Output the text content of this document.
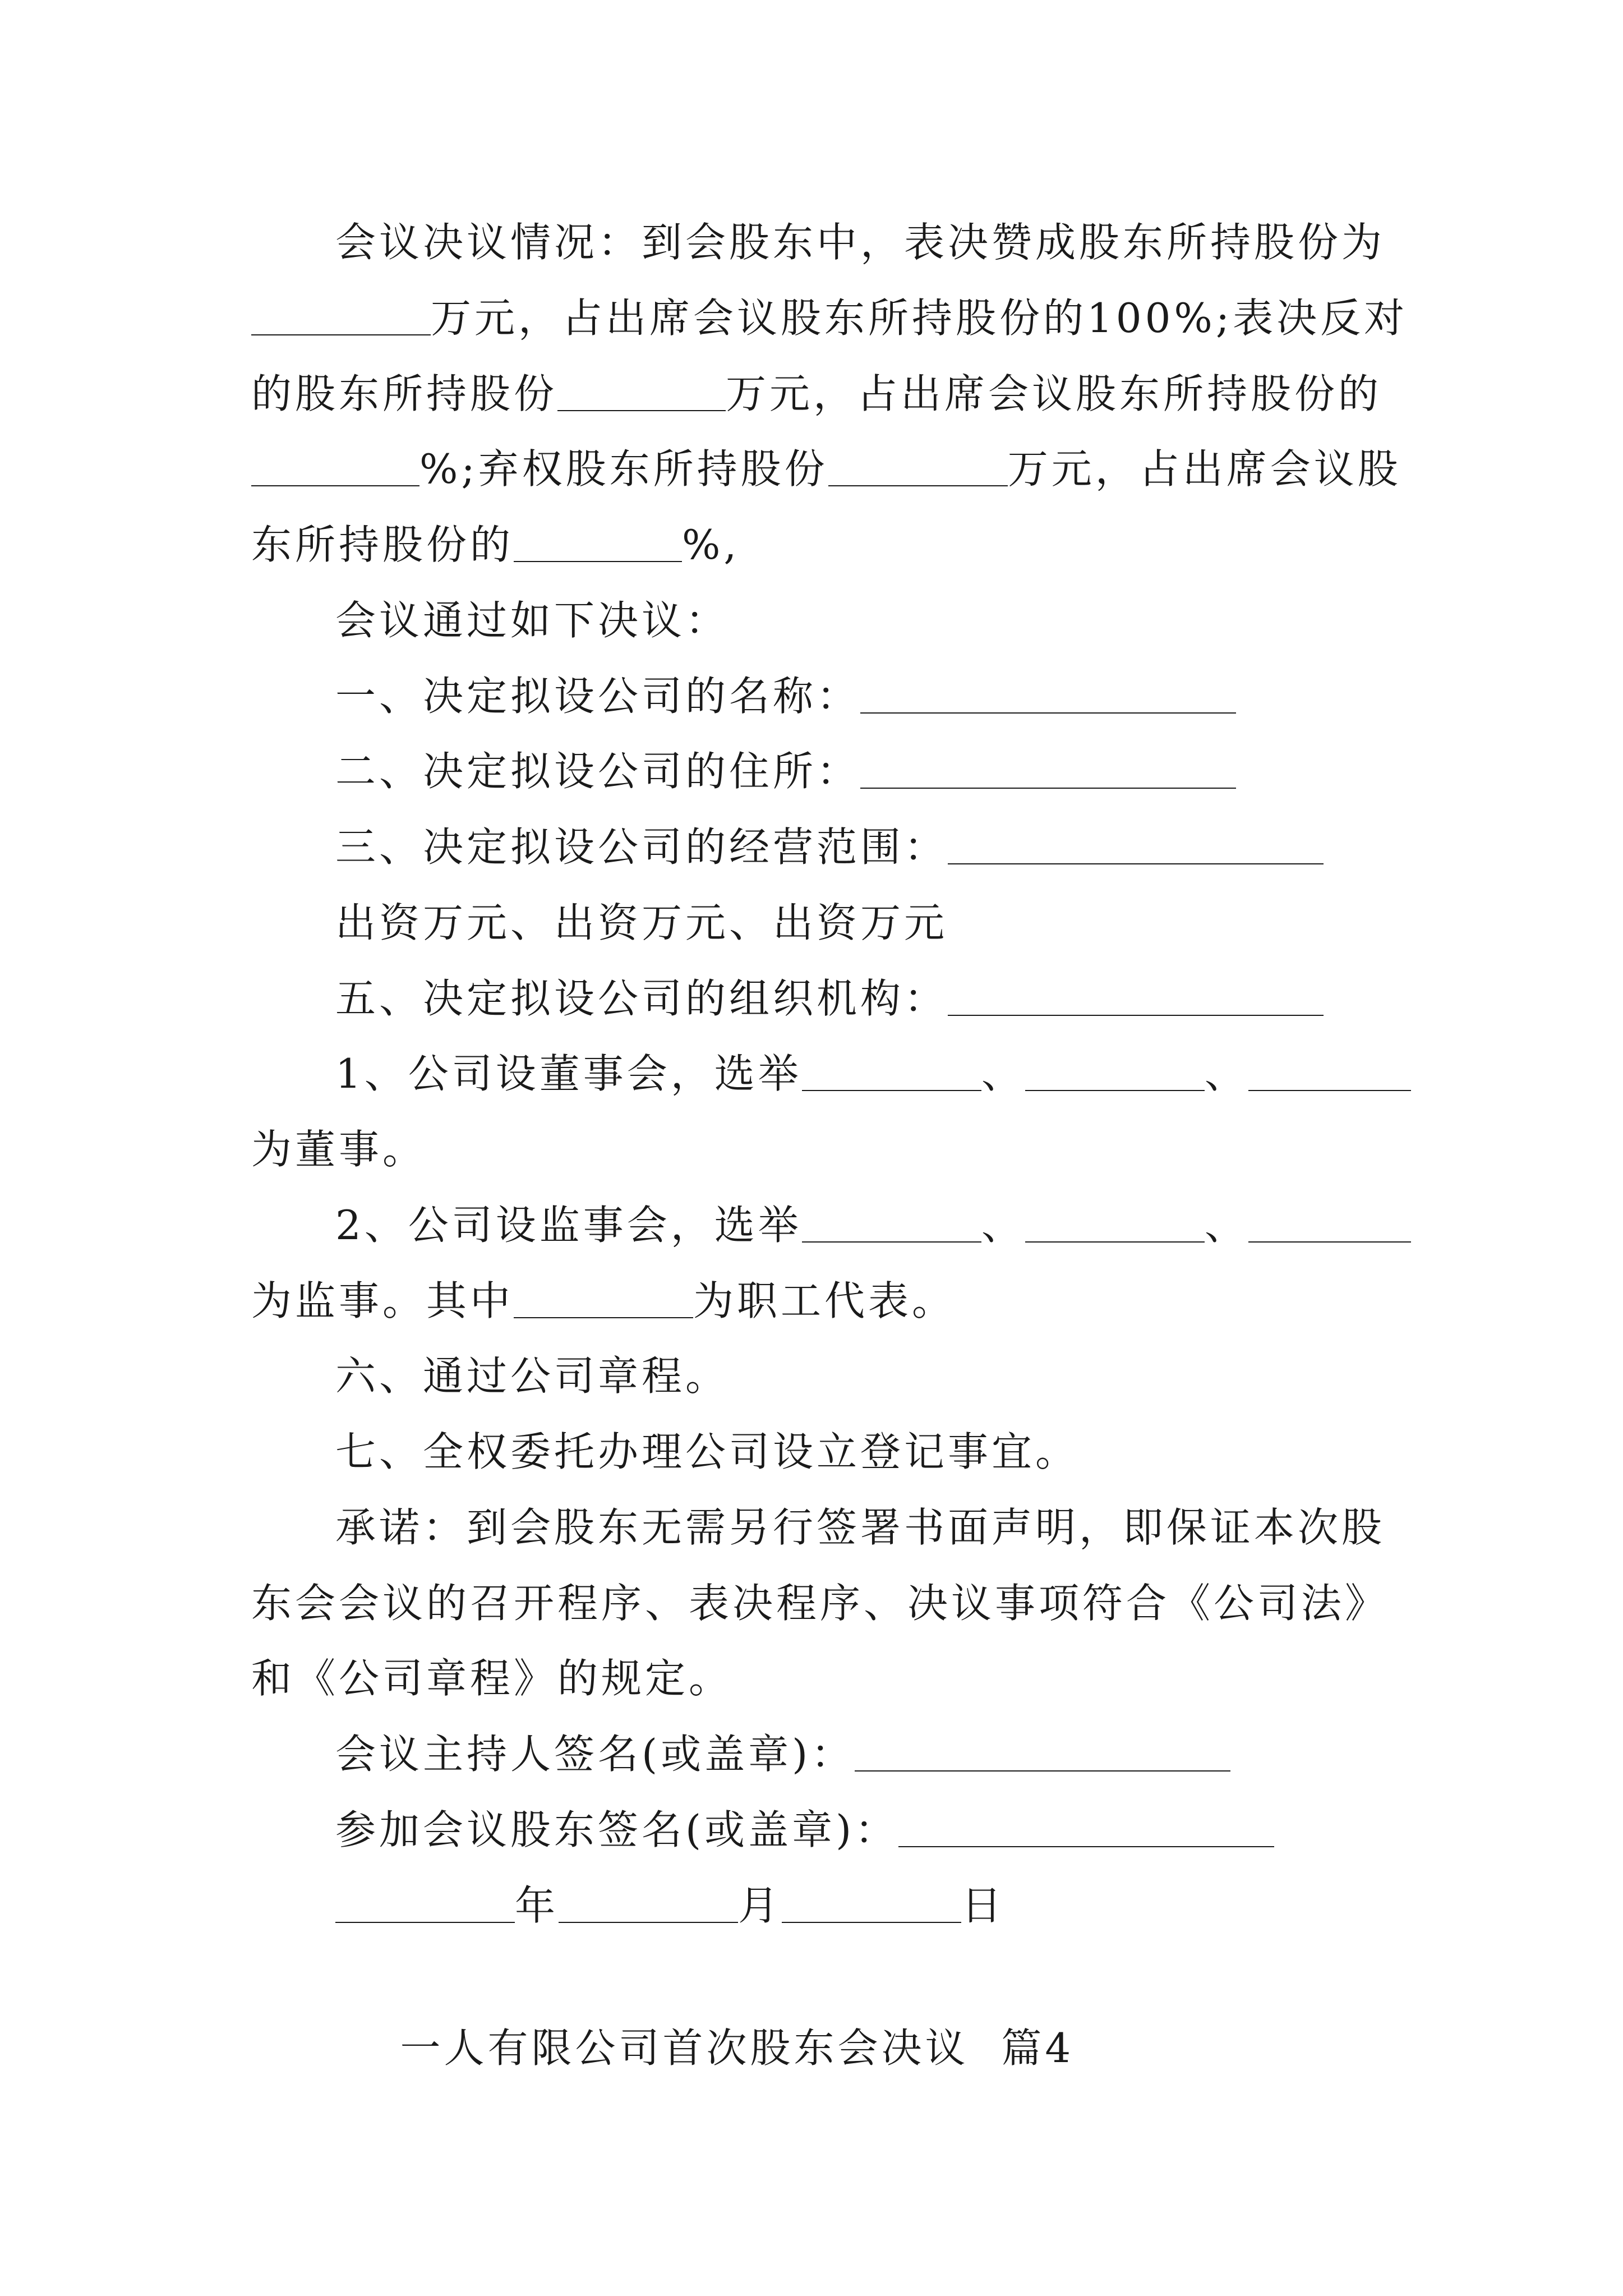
会议决议情况：到会股东中，表决赞成股东所持股份为
万元，占出席会议股东所持股份的100%;表决反对
的股东所持股份	万元，占出席会议股东所持股份的
%;弃权股东所持股份	万元，占出席会议股
东所持股份的	%,
会议通过如下决议：
一、决定拟设公司的名称：
二、决定拟设公司的住所：
三、决定拟设公司的经营范围：
出资万元、出资万元、出资万元
五、决定拟设公司的组织机构：
1、公司设董事会，选举	、	、
为董事。
2、公司设监事会，选举	、	、
为监事。其中	为职工代表。
六、通过公司章程。
七、全权委托办理公司设立登记事宜。
承诺：到会股东无需另行签署书面声明，即保证本次股
东会会议的召开程序、表决程序、决议事项符合《公司法》
和《公司章程》的规定。
会议主持人签名(或盖章)：
参加会议股东签名(或盖章)：
年	月	日

一人有限公司首次股东会决议  篇4
